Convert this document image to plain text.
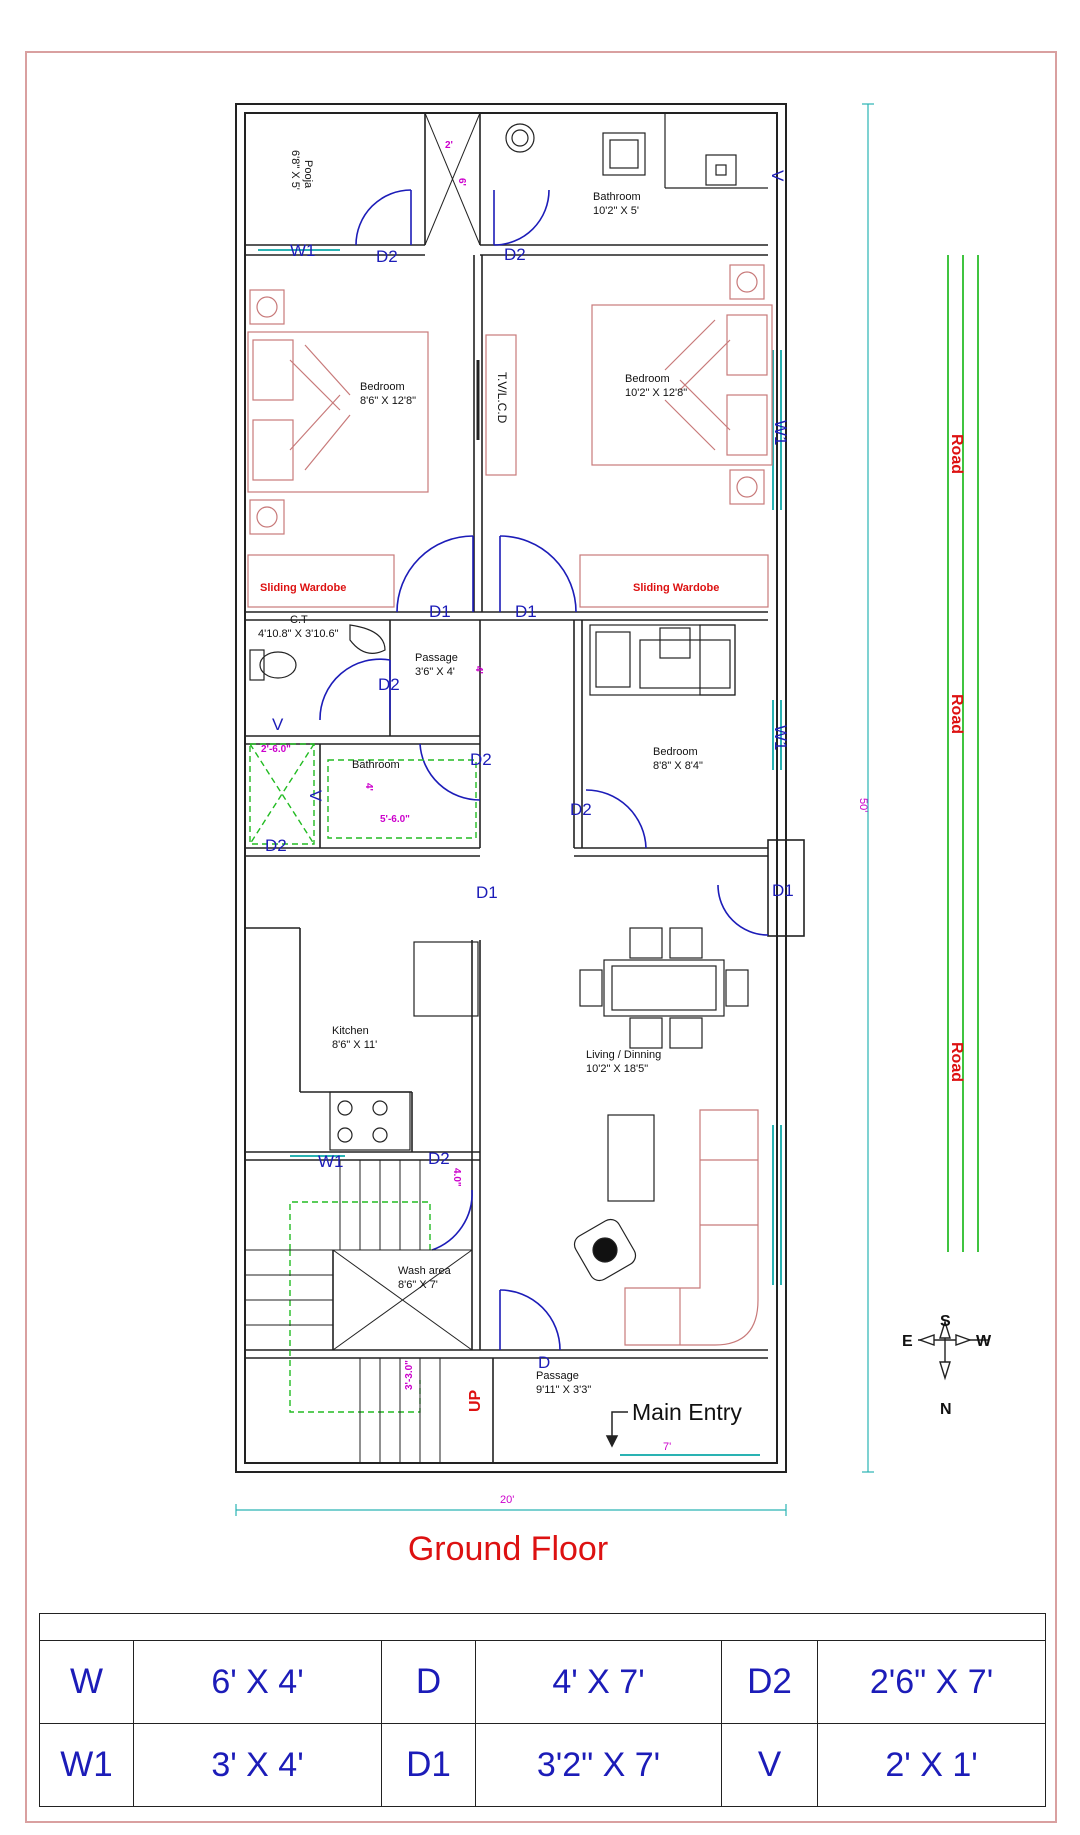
Pooja
6'8" X 5'
Bathroom
10'2" X 5'
Bedroom
8'6" X 12'8"
Bedroom
10'2" X 12'8"
C.T
4'10.8" X 3'10.6"
Passage
3'6" X 4'
Bathroom
Bedroom
8'8" X 8'4"
Kitchen
8'6" X 11'
Living / Dinning
10'2" X 18'5"
Wash area
8'6" X 7'
Passage
9'11" X 3'3"
T.V/L.C.D
Sliding Wardobe	Sliding Wardobe
W1	D2	D2
W1
D1	D1
D2
V
V
D2
D2
D2
W1
D1	D1
V
W1	D2
D
2'
6'
2'-6.0"
4'
5'-6.0"
4'
4.0"
3'-3.0"
UP
50'
20'
7'
Road
Road
Road
S
N
E	W
Main Entry
Ground Floor

W	6' X 4'	D	4' X 7'	D2	2'6" X 7'
W1	3' X 4'	D1	3'2" X 7'	V	2' X 1'
